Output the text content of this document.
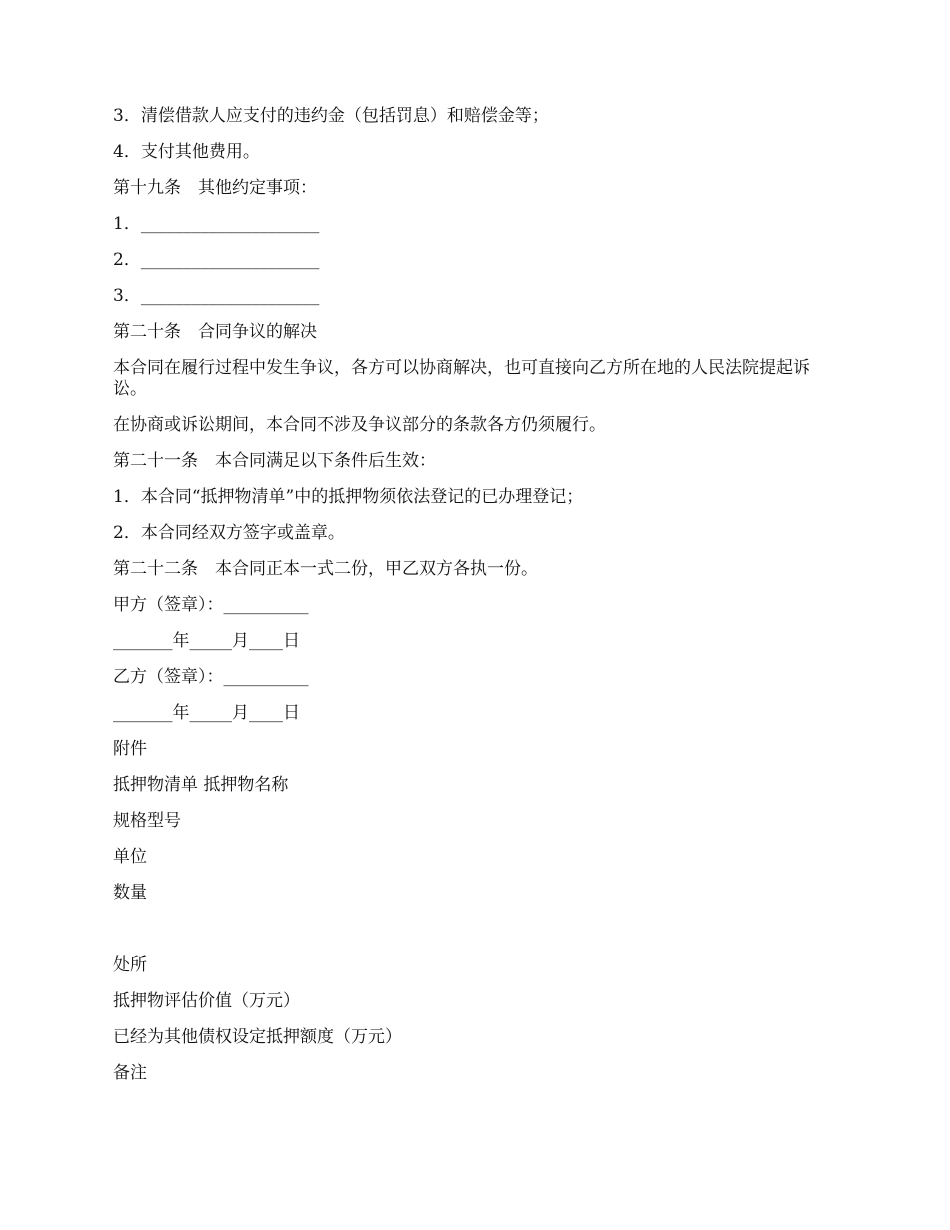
3．清偿借款人应支付的违约金（包括罚息）和赔偿金等；

4．支付其他费用。

第十九条　其他约定事项：

1．_____________________

2．_____________________

3．_____________________

第二十条　合同争议的解决

本合同在履行过程中发生争议，各方可以协商解决，也可直接向乙方所在地的人民法院提起诉讼。

在协商或诉讼期间，本合同不涉及争议部分的条款各方仍须履行。

第二十一条　本合同满足以下条件后生效：

1．本合同“抵押物清单”中的抵押物须依法登记的已办理登记；

2．本合同经双方签字或盖章。

第二十二条　本合同正本一式二份，甲乙双方各执一份。

甲方（签章）：__________

_______年_____月____日

乙方（签章）：__________

_______年_____月____日

附件

抵押物清单 抵押物名称

规格型号

单位

数量

处所

抵押物评估价值（万元）

已经为其他债权设定抵押额度（万元）

备注
